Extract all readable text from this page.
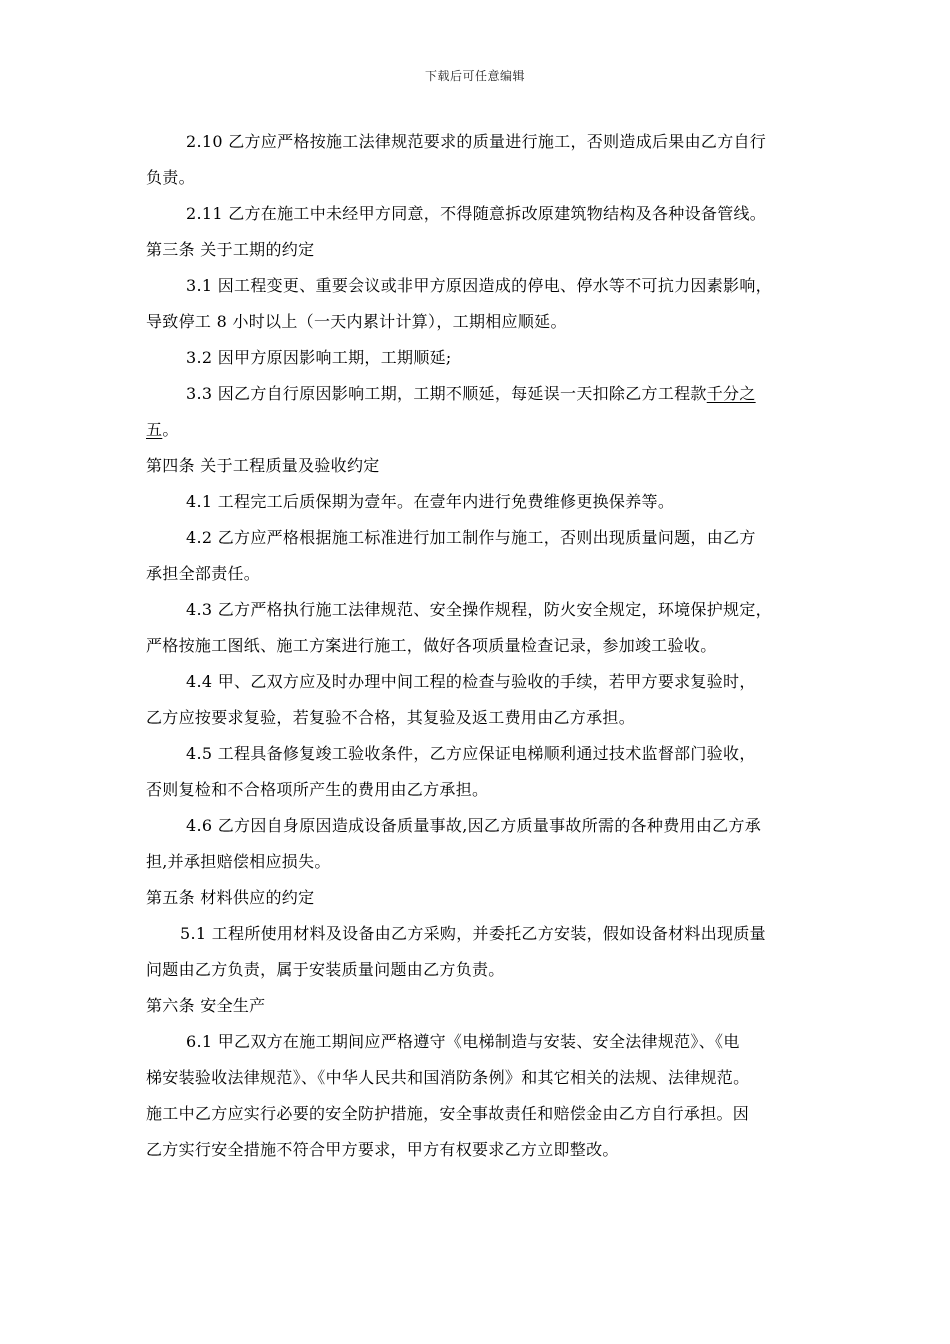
下载后可任意编辑
2.10 乙方应严格按施工法律规范要求的质量进行施工，否则造成后果由乙方自行
负责。
2.11 乙方在施工中未经甲方同意，不得随意拆改原建筑物结构及各种设备管线。
第三条 关于工期的约定
3.1 因工程变更、重要会议或非甲方原因造成的停电、停水等不可抗力因素影响，
导致停工 8 小时以上（一天内累计计算），工期相应顺延。
3.2 因甲方原因影响工期，工期顺延;
3.3 因乙方自行原因影响工期，工期不顺延，每延误一天扣除乙方工程款千分之
五。
第四条 关于工程质量及验收约定
4.1 工程完工后质保期为壹年。在壹年内进行免费维修更换保养等。
4.2 乙方应严格根据施工标准进行加工制作与施工，否则出现质量问题，由乙方
承担全部责任。
4.3 乙方严格执行施工法律规范、安全操作规程，防火安全规定，环境保护规定，
严格按施工图纸、施工方案进行施工，做好各项质量检查记录，参加竣工验收。
4.4 甲、乙双方应及时办理中间工程的检查与验收的手续，若甲方要求复验时，
乙方应按要求复验，若复验不合格，其复验及返工费用由乙方承担。
4.5 工程具备修复竣工验收条件，乙方应保证电梯顺利通过技术监督部门验收，
否则复检和不合格项所产生的费用由乙方承担。
4.6 乙方因自身原因造成设备质量事故,因乙方质量事故所需的各种费用由乙方承
担,并承担赔偿相应损失。
第五条 材料供应的约定
5.1 工程所使用材料及设备由乙方采购，并委托乙方安装，假如设备材料出现质量
问题由乙方负责，属于安装质量问题由乙方负责。
第六条 安全生产
6.1 甲乙双方在施工期间应严格遵守《电梯制造与安装、安全法律规范》、《电
梯安装验收法律规范》、《中华人民共和国消防条例》和其它相关的法规、法律规范。
施工中乙方应实行必要的安全防护措施，安全事故责任和赔偿金由乙方自行承担。因
乙方实行安全措施不符合甲方要求，甲方有权要求乙方立即整改。
